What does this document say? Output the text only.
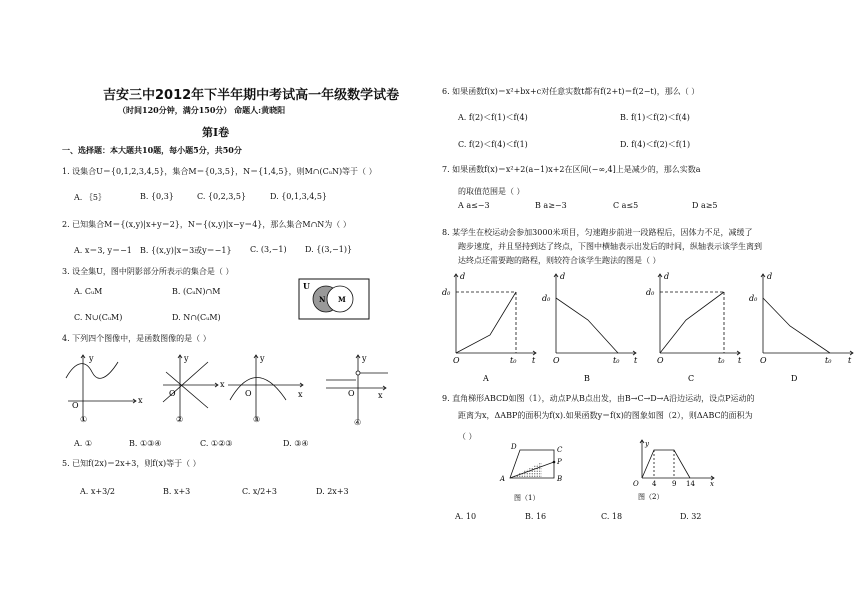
吉安三中2012年下半年期中考试高一年级数学试卷
（时间120分钟，满分150分） 命题人:黄晓阳
第Ⅰ卷
一、选择题：本大题共10题，每小题5分，共50分
1. 设集合U＝{0,1,2,3,4,5}，集合M＝{0,3,5}，N＝{1,4,5}，则M∩(CᵤN)等于（ ）
A. ｛5｝	B. {0,3}	C. {0,2,3,5}	D. {0,1,3,4,5}
2. 已知集合M＝{(x,y)|x+y＝2}，N＝{(x,y)|x−y＝4}，那么集合M∩N为（ ）
A. x＝3, y＝−1 B. {(x,y)|x＝3或y＝−1} C. (3,−1) D. {(3,−1)}
3. 设全集U，图中阴影部分所表示的集合是（ ）
A. CᵤM	B. (CᵤN)∩M
C. N∪(CᵤM)	D. N∩(CᵤM)
U
N M
4. 下列四个图像中，是函数图像的是（ ）
y
x
O
y
x
O
y
x
O
y
x
O
①	②	③	④
A. ①	B. ①③④	C. ①②③	D. ③④
5. 已知f(2x)＝2x+3，则f(x)等于（ ）
A. x+3/2	B. x+3	C. x/2+3	D. 2x+3
6. 如果函数f(x)＝x²+bx+c对任意实数t都有f(2+t)＝f(2−t)，那么（ ）
A. f(2)＜f(1)＜f(4)	B. f(1)＜f(2)＜f(4)
C. f(2)＜f(4)＜f(1)	D. f(4)＜f(2)＜f(1)
7. 如果函数f(x)＝x²+2(a−1)x+2在区间(−∞,4]上是减少的，那么实数a
的取值范围是（ ）
A a≤−3	B a≥−3	C a≤5	D a≥5
8. 某学生在校运动会参加3000米项目，匀速跑步前进一段路程后，因体力不足，减缓了
跑步速度，并且坚持到达了终点，下图中横轴表示出发后的时间，纵轴表示该学生离到
达终点还需要跑的路程，则较符合该学生跑法的图是（ ）
d
d₀
O	t₀ t
d
d₀
O	t₀ t
d
d₀
O	t₀ t
d
d₀
O	t₀ t
A	B	C	D
9. 直角梯形ABCD如图（1），动点P从B点出发，由B→C→D→A沿边运动，设点P运动的
距离为x，ΔABP的面积为f(x).如果函数y＝f(x)的图象如图（2），则ΔABC的面积为
（ ）
A	B
C
D
P
图（1）
y
x
O 4 9 14
图（2）
A. 10	B. 16	C. 18	D. 32
